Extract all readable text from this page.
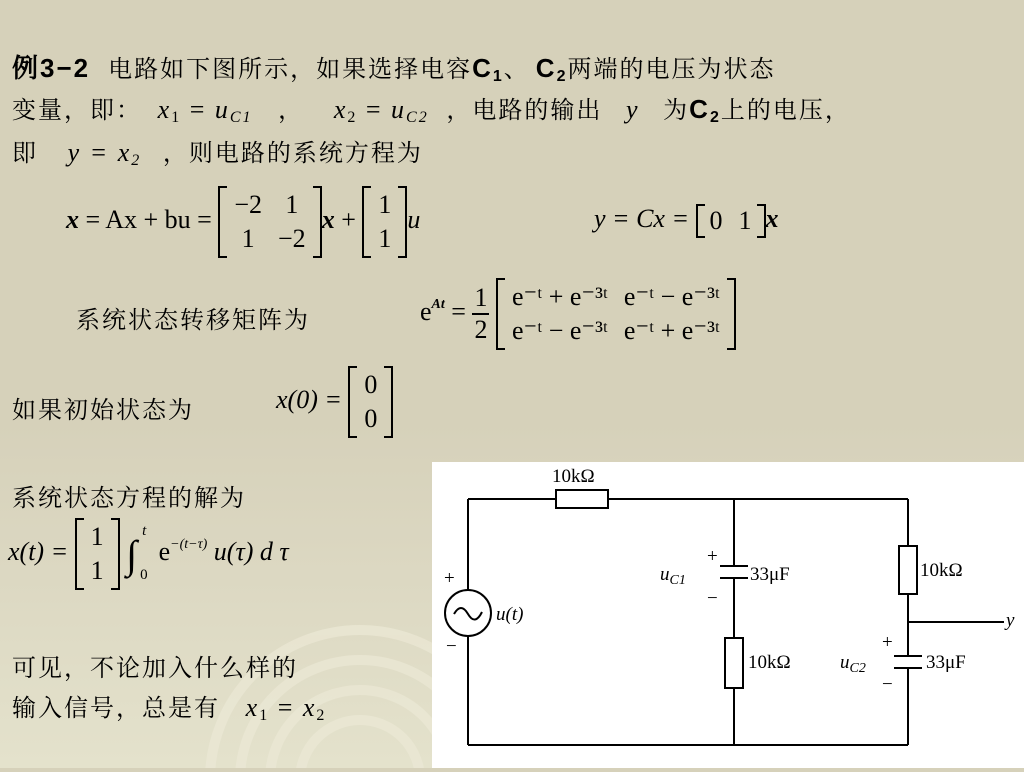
例3−2 电路如下图所示，如果选择电容$C_1$、 $C_2$两端的电压为状态
变量，即： $x_1 = u_{C1}$ ， $x_2 = u_{C2}$ ，电路的输出 y 为$C_2$上的电压，
即 $y = x_2$ ，则电路的系统方程为
x = Ax + bu =
−2 1
1 −2
x +
1
1
u	y = Cx = 0 1 x
系统状态转移矩阵为	$e^{At} = \frac{1}{2}$
e⁻ᵗ + e⁻³ᵗ e⁻ᵗ − e⁻³ᵗ
e⁻ᵗ − e⁻³ᵗ e⁻ᵗ + e⁻³ᵗ
如果初始状态为	x(0) =
0
0
系统状态方程的解为
x(t) =
1
1 ∫
t
0
$e^{-(t-\tau)}$ u(τ) d τ
可见，不论加入什么样的
输入信号，总是有 $x_1 = x_2$
10kΩ
+
−
u(t)
+
−
$u_{C1}$	33μF
10kΩ
10kΩ
+
−
$u_{C2}$	33μF
y
